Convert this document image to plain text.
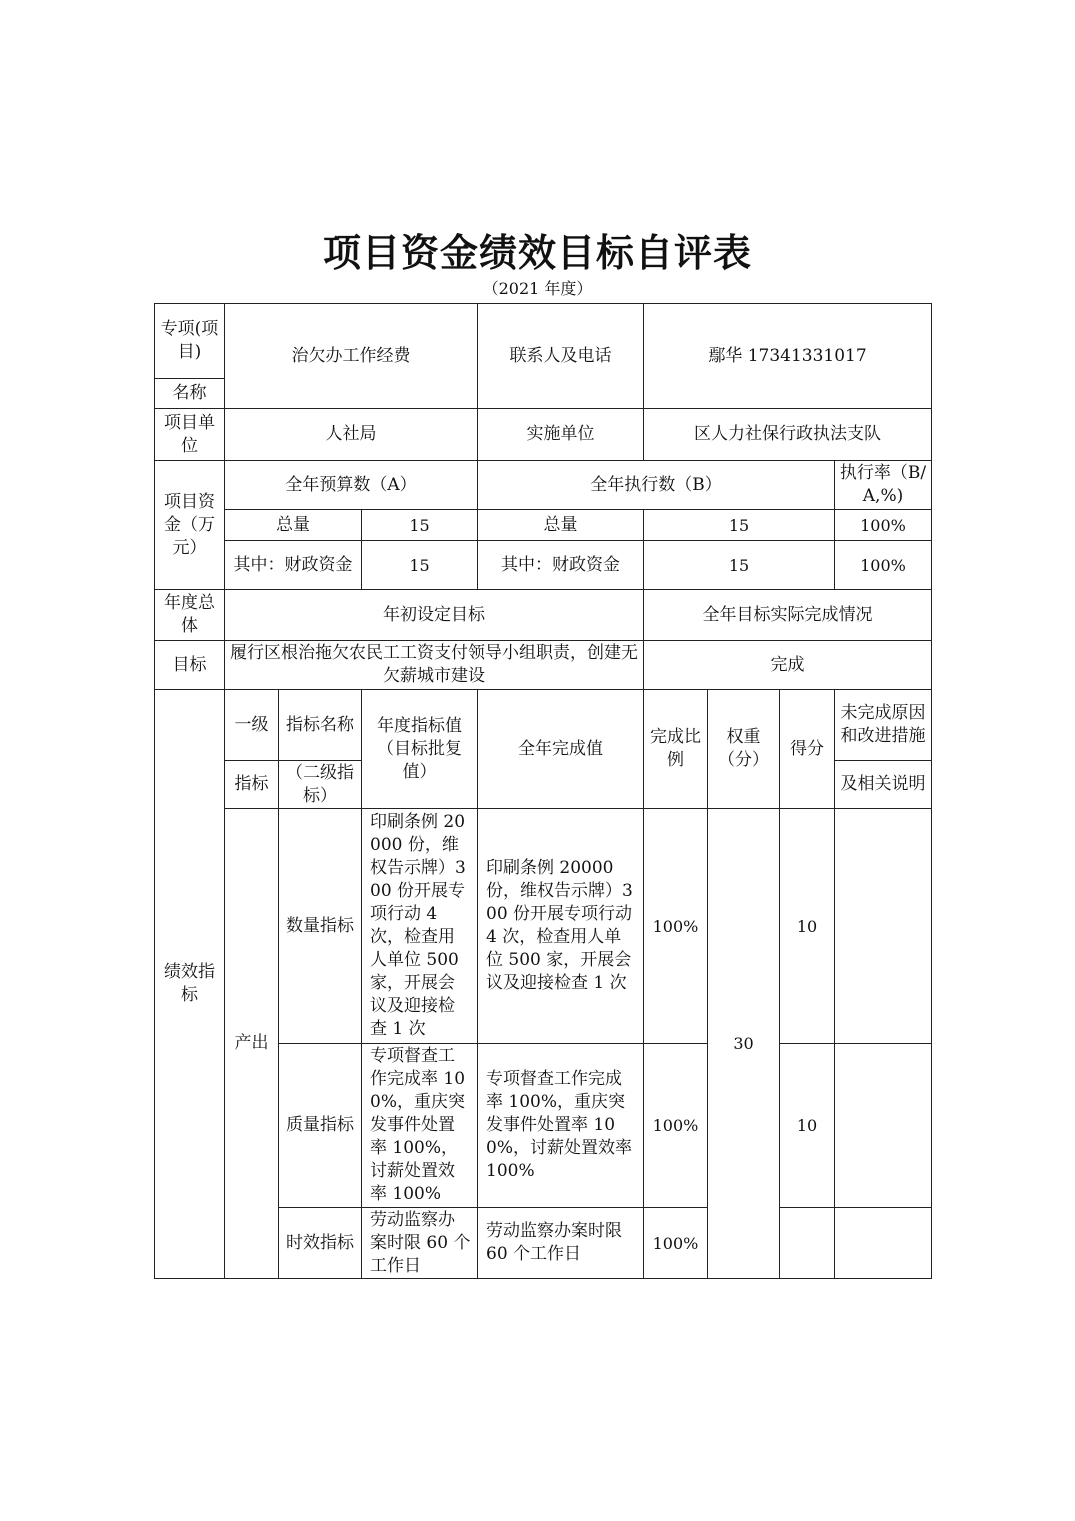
项目资金绩效目标自评表
（2021 年度）
专项(项目)	治欠办工作经费			联系人及电话	鄢华 17341331017			
名称								
项目单位	人社局			实施单位	区人力社保行政执法支队			
项目资金（万元）	全年预算数（A）			全年执行数（B）				执行率（B/A,%)
	总量		15	总量	15			100%
	其中：财政资金		15	其中：财政资金	15			100%
年度总体	年初设定目标				全年目标实际完成情况			
目标	履行区根治拖欠农民工工资支付领导小组职责，创建无欠薪城市建设				完成			
绩效指标	一级	指标名称	年度指标值（目标批复值）	全年完成值	完成比例	权重（分）	得分	未完成原因和改进措施
	指标	（二级指标）						及相关说明
	产出	数量指标	印刷条例 20000 份，维权告示牌）300 份开展专项行动 4 次，检查用人单位 500 家，开展会议及迎接检查 1 次	印刷条例 20000 份，维权告示牌）300 份开展专项行动 4 次，检查用人单位 500 家，开展会议及迎接检查 1 次	100%	30	10	
		质量指标	专项督查工作完成率 100%，重庆突发事件处置率 100%，讨薪处置效率 100%	专项督查工作完成率 100%，重庆突发事件处置率 100%，讨薪处置效率 100%	100%		10	
		时效指标	劳动监察办案时限 60 个工作日	劳动监察办案时限 60 个工作日	100%			
